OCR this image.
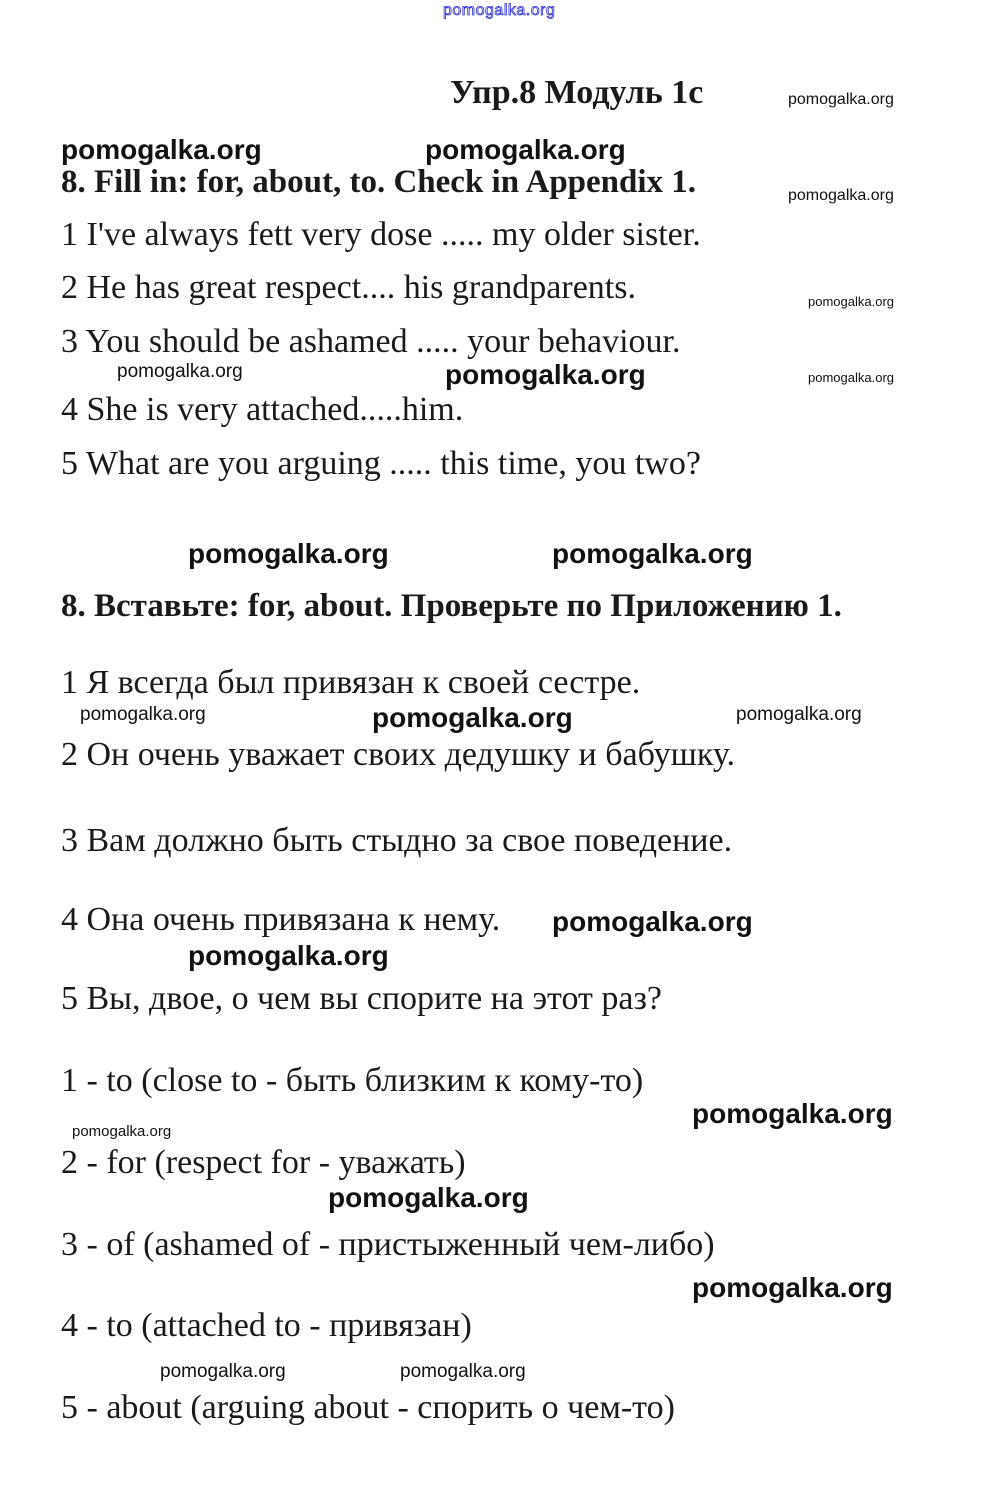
pomogalka.org
Упр.8 Модуль 1с	pomogalka.org
pomogalka.org	pomogalka.org
8. Fill in: for, about, to. Check in Appendix 1.	pomogalka.org
1 I've always fett very dose ..... my older sister.
2 He has great respect.... his grandparents.	pomogalka.org
3 You should be ashamed ..... your behaviour.
pomogalka.org	pomogalka.org	pomogalka.org
4 She is very attached.....him.
5 What are you arguing ..... this time, you two?
pomogalka.org	pomogalka.org
8. Вставьте: for, about. Проверьте по Приложению 1.
1 Я всегда был привязан к своей сестре.
pomogalka.org	pomogalka.org	pomogalka.org
2 Он очень уважает своих дедушку и бабушку.
3 Вам должно быть стыдно за свое поведение.
4 Она очень привязана к нему. pomogalka.org
pomogalka.org
5 Вы, двое, о чем вы спорите на этот раз?
1 - to (close to - быть близким к кому-то)
pomogalka.org
pomogalka.org
2 - for (respect for - уважать)
pomogalka.org
3 - of (ashamed of - пристыженный чем-либо)
pomogalka.org
4 - to (attached to - привязан)
pomogalka.org	pomogalka.org
5 - about (arguing about - спорить о чем-то)
